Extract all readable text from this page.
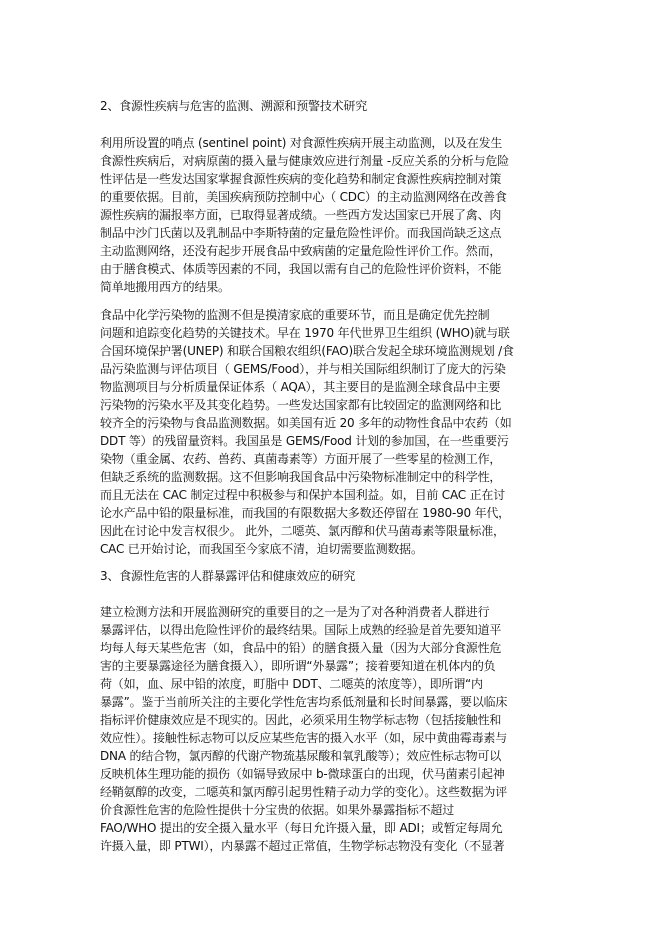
2、食源性疾病与危害的监测、溯源和预警技术研究
利用所设置的哨点 (sentinel point) 对食源性疾病开展主动监测，以及在发生
食源性疾病后，对病原菌的摄入量与健康效应进行剂量 -反应关系的分析与危险
性评估是一些发达国家掌握食源性疾病的变化趋势和制定食源性疾病控制对策
的重要依据。目前，美国疾病预防控制中心（ CDC）的主动监测网络在改善食
源性疾病的漏报率方面，已取得显著成绩。一些西方发达国家已开展了禽、肉
制品中沙门氏菌以及乳制品中李斯特菌的定量危险性评价。而我国尚缺乏这点
主动监测网络，还没有起步开展食品中致病菌的定量危险性评价工作。然而，
由于膳食模式、体质等因素的不同，我国以需有自己的危险性评价资料，不能
简单地搬用西方的结果。
食品中化学污染物的监测不但是摸清家底的重要环节，而且是确定优先控制
问题和追踪变化趋势的关键技术。早在 1970 年代世界卫生组织 (WHO)就与联
合国环境保护署(UNEP) 和联合国粮农组织(FAO)联合发起全球环境监测规划 /食
品污染监测与评估项目（ GEMS/Food），并与相关国际组织制订了庞大的污染
物监测项目与分析质量保证体系（ AQA），其主要目的是监测全球食品中主要
污染物的污染水平及其变化趋势。一些发达国家都有比较固定的监测网络和比
较齐全的污染物与食品监测数据。如美国有近 20 多年的动物性食品中农药（如
DDT 等）的残留量资料。我国虽是 GEMS/Food 计划的参加国，在一些重要污
染物（重金属、农药、兽药、真菌毒素等）方面开展了一些零星的检测工作，
但缺乏系统的监测数据。这不但影响我国食品中污染物标准制定中的科学性，
而且无法在 CAC 制定过程中积极参与和保护本国利益。如，目前 CAC 正在讨
论水产品中铅的限量标准，而我国的有限数据大多数还停留在 1980-90 年代，
因此在讨论中发言权很少。 此外，二噁英、氯丙醇和伏马菌毒素等限量标准，
CAC 已开始讨论，而我国至今家底不清，迫切需要监测数据。
3、食源性危害的人群暴露评估和健康效应的研究
建立检测方法和开展监测研究的重要目的之一是为了对各种消费者人群进行
暴露评估，以得出危险性评价的最终结果。国际上成熟的经验是首先要知道平
均每人每天某些危害（如，食品中的铅）的膳食摄入量（因为大部分食源性危
害的主要暴露途径为膳食摄入），即所谓“外暴露”；接着要知道在机体内的负
荷（如，血、尿中铅的浓度，町脂中 DDT、二噁英的浓度等），即所谓“内
暴露”。鉴于当前所关注的主要化学性危害均系低剂量和长时间暴露，要以临床
指标评价健康效应是不现实的。因此，必须采用生物学标志物（包括接触性和
效应性）。接触性标志物可以反应某些危害的摄入水平（如，尿中黄曲霉毒素与
DNA 的结合物，氯丙醇的代谢产物巯基尿酸和氧乳酸等）；效应性标志物可以
反映机体生理功能的损伤（如镉导致尿中 b-微球蛋白的出现，伏马菌素引起神
经鞘氨醇的改变，二噁英和氯丙醇引起男性精子动力学的变化）。这些数据为评
价食源性危害的危险性提供十分宝贵的依据。如果外暴露指标不超过
FAO/WHO 提出的安全摄入量水平（每日允许摄入量，即 ADI；或暂定每周允
许摄入量，即 PTWI），内暴露不超过正常值，生物学标志物没有变化（不显著
